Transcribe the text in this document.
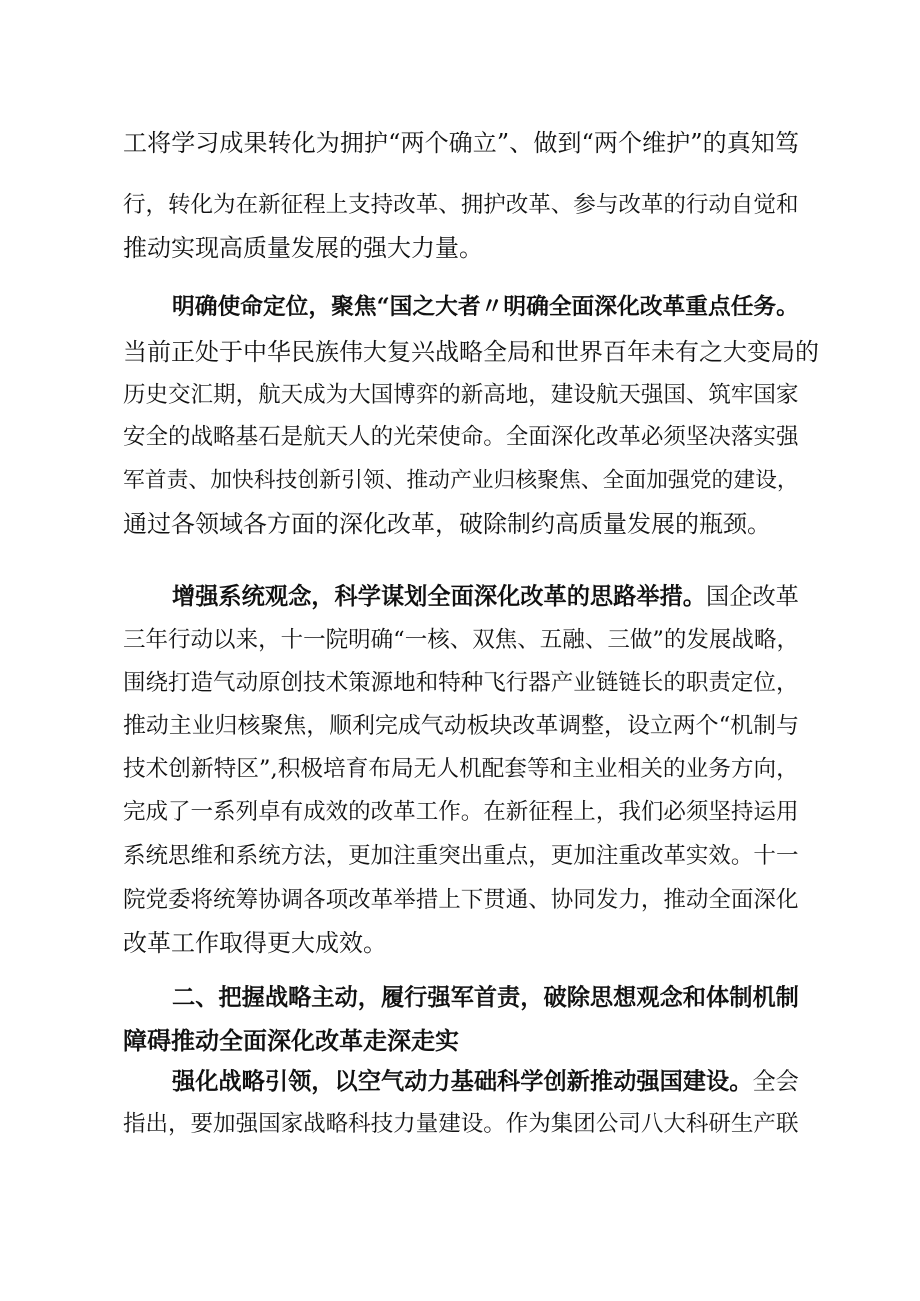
工将学习成果转化为拥护“两个确立”、做到“两个维护”的真知笃
行，转化为在新征程上支持改革、拥护改革、参与改革的行动自觉和
推动实现高质量发展的强大力量。
明确使命定位，聚焦“国之大者〃明确全面深化改革重点任务。
当前正处于中华民族伟大复兴战略全局和世界百年未有之大变局的
历史交汇期，航天成为大国博弈的新高地，建设航天强国、筑牢国家
安全的战略基石是航天人的光荣使命。全面深化改革必须坚决落实强
军首责、加快科技创新引领、推动产业归核聚焦、全面加强党的建设，
通过各领域各方面的深化改革，破除制约高质量发展的瓶颈。
增强系统观念，科学谋划全面深化改革的思路举措。国企改革
三年行动以来，十一院明确“一核、双焦、五融、三做”的发展战略，
围绕打造气动原创技术策源地和特种飞行器产业链链长的职责定位，
推动主业归核聚焦，顺利完成气动板块改革调整，设立两个“机制与
技术创新特区”,积极培育布局无人机配套等和主业相关的业务方向，
完成了一系列卓有成效的改革工作。在新征程上，我们必须坚持运用
系统思维和系统方法，更加注重突出重点，更加注重改革实效。十一
院党委将统筹协调各项改革举措上下贯通、协同发力，推动全面深化
改革工作取得更大成效。
二、把握战略主动，履行强军首责，破除思想观念和体制机制
障碍推动全面深化改革走深走实
强化战略引领，以空气动力基础科学创新推动强国建设。全会
指出，要加强国家战略科技力量建设。作为集团公司八大科研生产联
